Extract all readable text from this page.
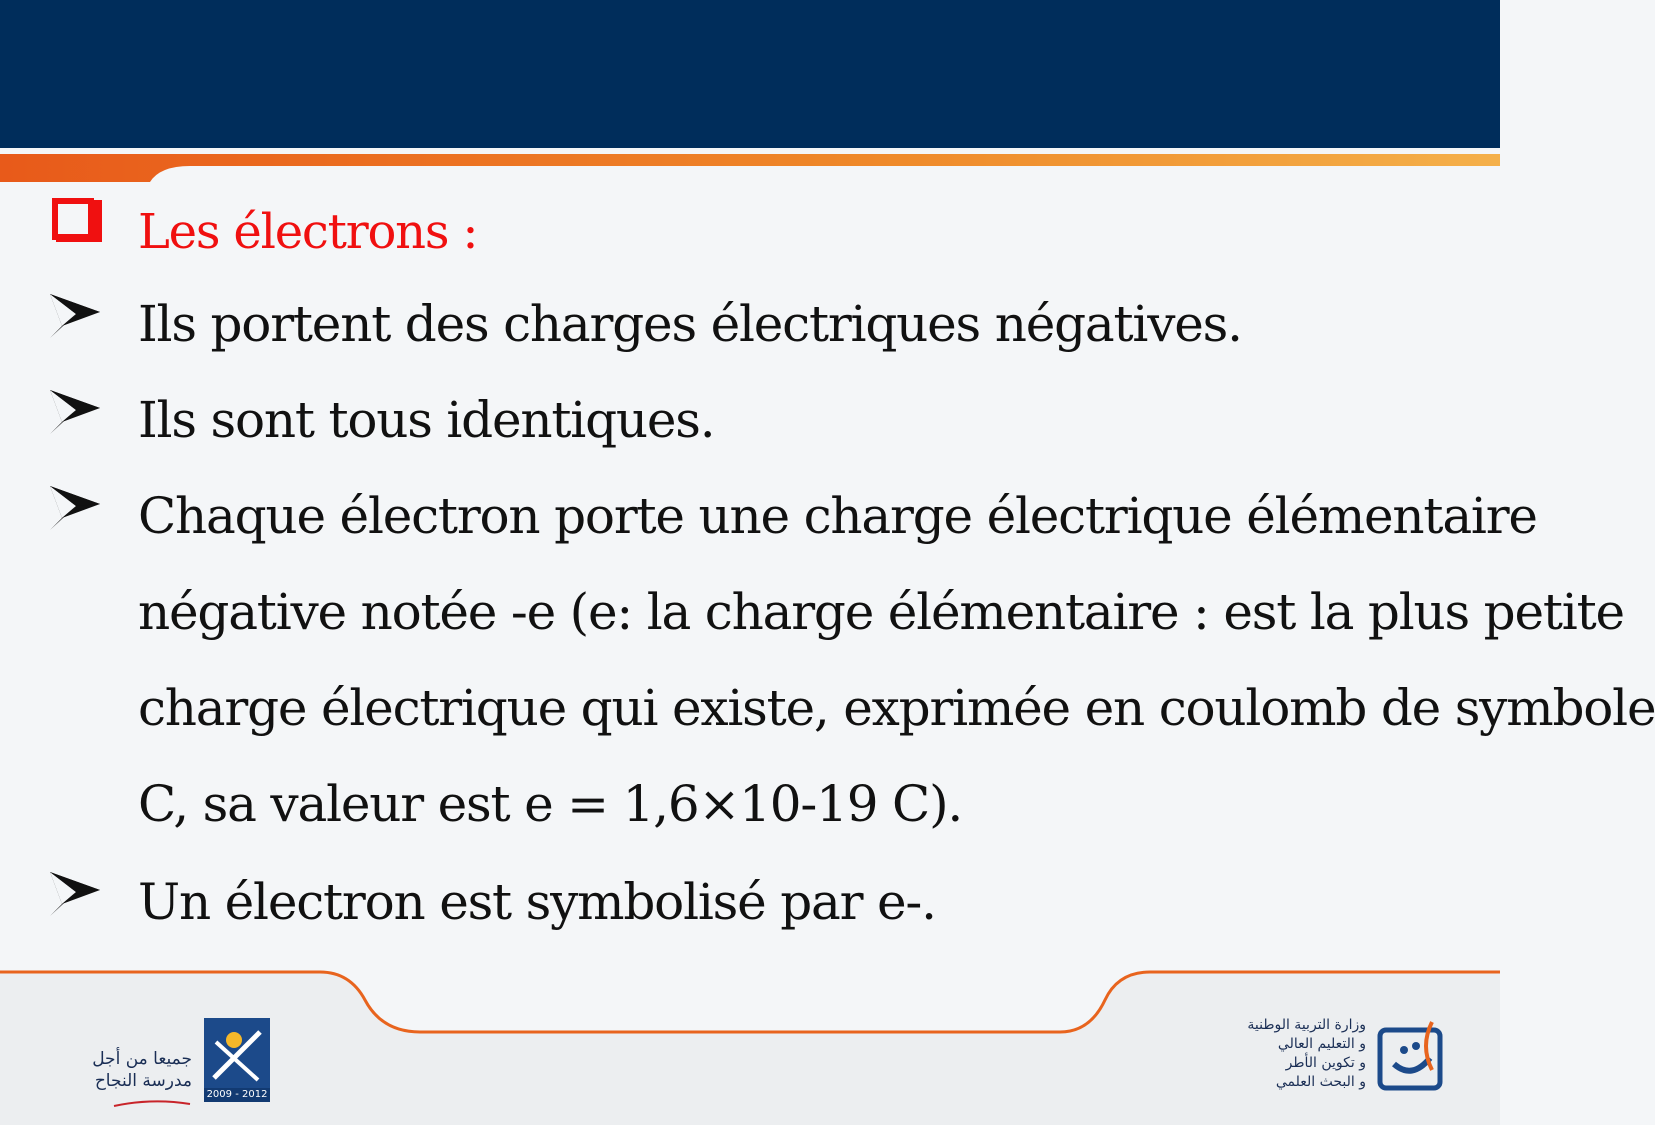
Les électrons :
Ils portent des charges électriques négatives.
Ils sont tous identiques.
Chaque électron porte une charge électrique élémentaire
négative notée -e (e: la charge élémentaire : est la plus petite
charge électrique qui existe, exprimée en coulomb de symbole
C, sa valeur est e = 1,6×10-19 C).
Un électron est symbolisé par e-.
جميعا من أجل
مدرسة النجاح
2009 - 2012
وزارة التربية الوطنية
و التعليم العالي
و تكوين الأطر
و البحث العلمي
